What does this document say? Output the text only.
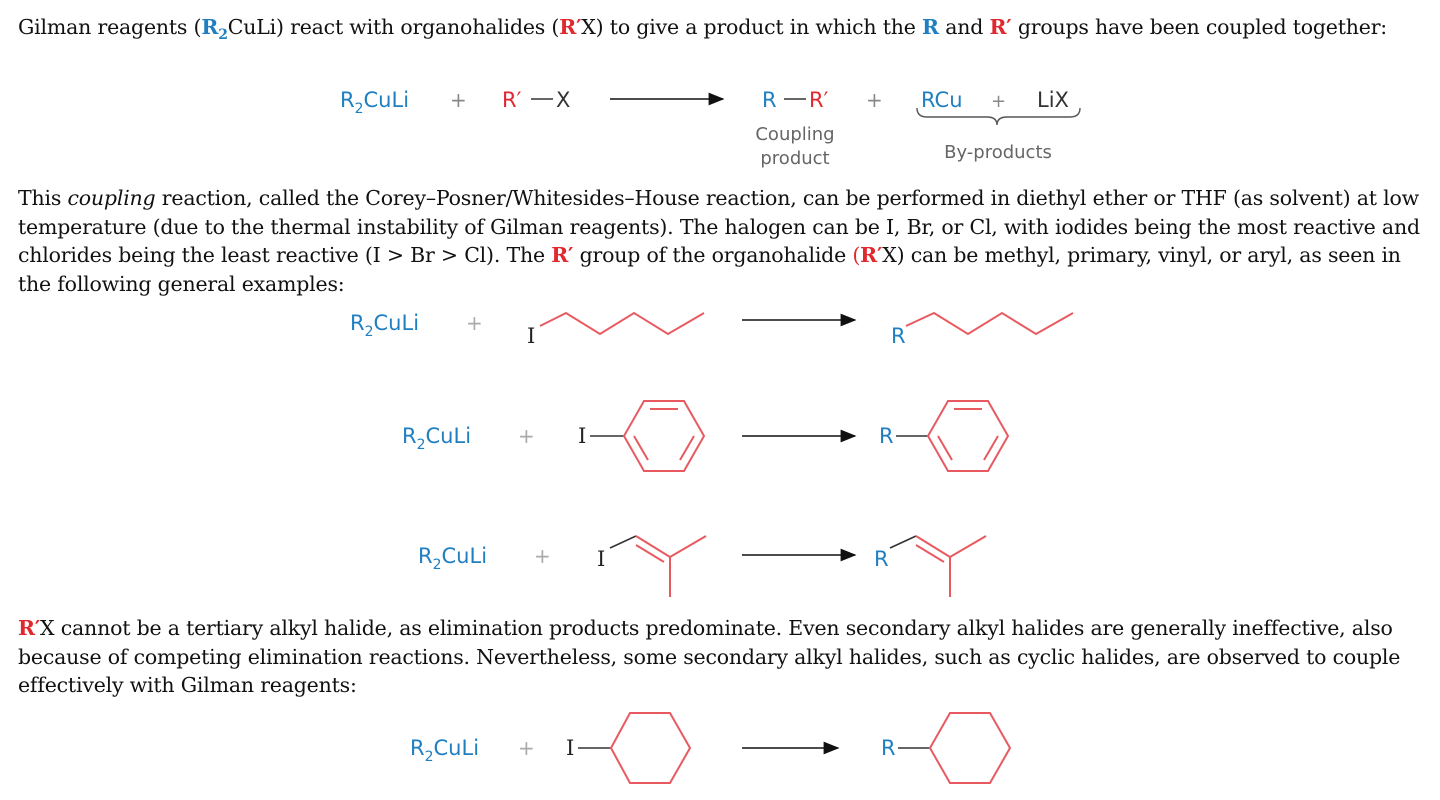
Gilman reagents $(R_2CuLi)$ react with organohalides (R′X) to give a product in which the R and R′ groups have been coupled together:
$R_2CuLi + R'$ X	R R′ + RCu + LiX
Coupling
product	By-products
This coupling reaction, called the Corey–Posner/Whitesides–House reaction, can be performed in diethyl ether or THF (as solvent) at low temperature (due to the thermal instability of Gilman reagents). The halogen can be I, Br, or Cl, with iodides being the most reactive and chlorides being the least reactive (I > Br > Cl). The R′ group of the organohalide (R′X) can be methyl, primary, vinyl, or aryl, as seen in the following general examples:
$R_2CuLi$ +
I	R
$R_2CuLi + I$	R
$R_2CuLi + I$	R
$R_2CuLi + I$	R
R′X cannot be a tertiary alkyl halide, as elimination products predominate. Even secondary alkyl halides are generally ineffective, also because of competing elimination reactions. Nevertheless, some secondary alkyl halides, such as cyclic halides, are observed to couple effectively with Gilman reagents:
